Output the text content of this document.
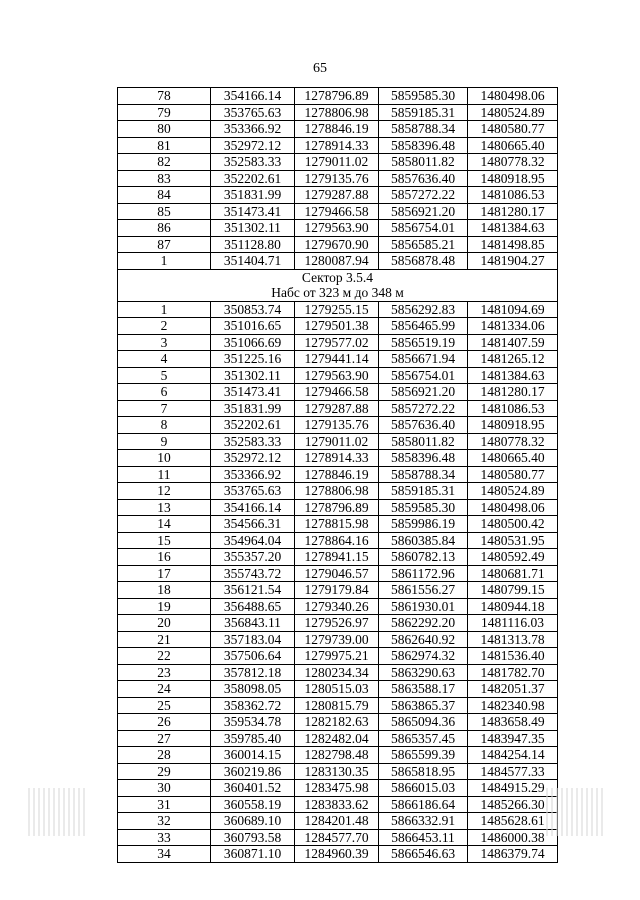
65
78	354166.14	1278796.89	5859585.30	1480498.06
79	353765.63	1278806.98	5859185.31	1480524.89
80	353366.92	1278846.19	5858788.34	1480580.77
81	352972.12	1278914.33	5858396.48	1480665.40
82	352583.33	1279011.02	5858011.82	1480778.32
83	352202.61	1279135.76	5857636.40	1480918.95
84	351831.99	1279287.88	5857272.22	1481086.53
85	351473.41	1279466.58	5856921.20	1481280.17
86	351302.11	1279563.90	5856754.01	1481384.63
87	351128.80	1279670.90	5856585.21	1481498.85
1	351404.71	1280087.94	5856878.48	1481904.27

Сектор 3.5.4
Набс от 323 м до 348 м				

1	350853.74	1279255.15	5856292.83	1481094.69
2	351016.65	1279501.38	5856465.99	1481334.06
3	351066.69	1279577.02	5856519.19	1481407.59
4	351225.16	1279441.14	5856671.94	1481265.12
5	351302.11	1279563.90	5856754.01	1481384.63
6	351473.41	1279466.58	5856921.20	1481280.17
7	351831.99	1279287.88	5857272.22	1481086.53
8	352202.61	1279135.76	5857636.40	1480918.95
9	352583.33	1279011.02	5858011.82	1480778.32
10	352972.12	1278914.33	5858396.48	1480665.40
11	353366.92	1278846.19	5858788.34	1480580.77
12	353765.63	1278806.98	5859185.31	1480524.89
13	354166.14	1278796.89	5859585.30	1480498.06
14	354566.31	1278815.98	5859986.19	1480500.42
15	354964.04	1278864.16	5860385.84	1480531.95
16	355357.20	1278941.15	5860782.13	1480592.49
17	355743.72	1279046.57	5861172.96	1480681.71
18	356121.54	1279179.84	5861556.27	1480799.15
19	356488.65	1279340.26	5861930.01	1480944.18
20	356843.11	1279526.97	5862292.20	1481116.03
21	357183.04	1279739.00	5862640.92	1481313.78
22	357506.64	1279975.21	5862974.32	1481536.40
23	357812.18	1280234.34	5863290.63	1481782.70
24	358098.05	1280515.03	5863588.17	1482051.37
25	358362.72	1280815.79	5863865.37	1482340.98
26	359534.78	1282182.63	5865094.36	1483658.49
27	359785.40	1282482.04	5865357.45	1483947.35
28	360014.15	1282798.48	5865599.39	1484254.14
29	360219.86	1283130.35	5865818.95	1484577.33
30	360401.52	1283475.98	5866015.03	1484915.29
31	360558.19	1283833.62	5866186.64	1485266.30
32	360689.10	1284201.48	5866332.91	1485628.61
33	360793.58	1284577.70	5866453.11	1486000.38
34	360871.10	1284960.39	5866546.63	1486379.74
